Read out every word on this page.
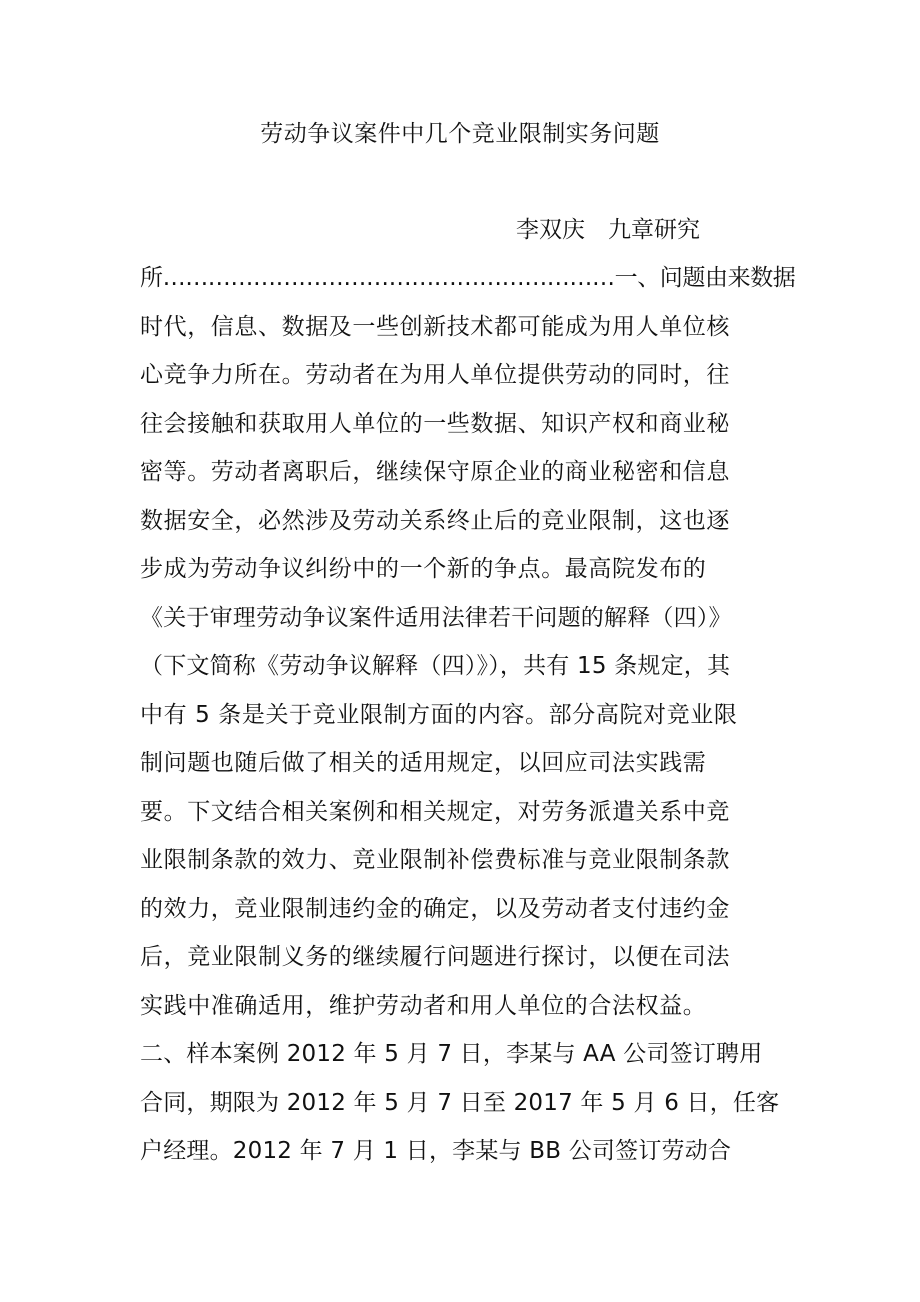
劳动争议案件中几个竞业限制实务问题
李双庆　九章研究
所……………………………………………………一、问题由来数据
时代，信息、数据及一些创新技术都可能成为用人单位核
心竞争力所在。劳动者在为用人单位提供劳动的同时，往
往会接触和获取用人单位的一些数据、知识产权和商业秘
密等。劳动者离职后，继续保守原企业的商业秘密和信息
数据安全，必然涉及劳动关系终止后的竞业限制，这也逐
步成为劳动争议纠纷中的一个新的争点。最高院发布的
《关于审理劳动争议案件适用法律若干问题的解释（四）》
（下文简称《劳动争议解释（四）》），共有 15 条规定，其
中有 5 条是关于竞业限制方面的内容。部分高院对竞业限
制问题也随后做了相关的适用规定，以回应司法实践需
要。下文结合相关案例和相关规定，对劳务派遣关系中竞
业限制条款的效力、竞业限制补偿费标准与竞业限制条款
的效力，竞业限制违约金的确定，以及劳动者支付违约金
后，竞业限制义务的继续履行问题进行探讨，以便在司法
实践中准确适用，维护劳动者和用人单位的合法权益。
二、样本案例 2012 年 5 月 7 日，李某与 AA 公司签订聘用
合同，期限为 2012 年 5 月 7 日至 2017 年 5 月 6 日，任客
户经理。2012 年 7 月 1 日，李某与 BB 公司签订劳动合
